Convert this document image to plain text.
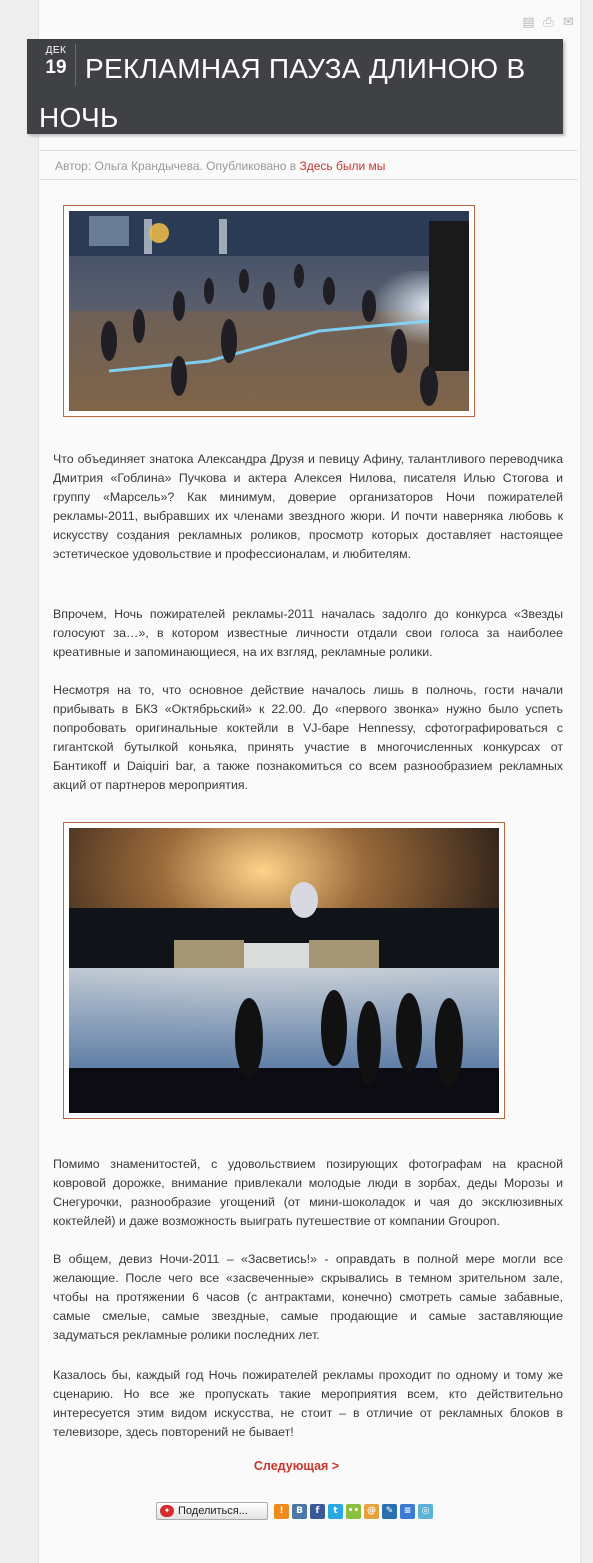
▤ ⎙ ✉
ДЕК
19 РЕКЛАМНАЯ ПАУЗА ДЛИНОЮ В НОЧЬ
Автор: Ольга Крандычева. Опубликовано в Здесь были мы

Что объединяет знатока Александра Друзя и певицу Афину, талантливого переводчика Дмитрия «Гоблина» Пучкова и актера Алексея Нилова, писателя Илью Стогова и группу «Марсель»? Как минимум, доверие организаторов Ночи пожирателей рекламы-2011, выбравших их членами звездного жюри. И почти наверняка любовь к искусству создания рекламных роликов, просмотр которых доставляет настоящее эстетическое удовольствие и профессионалам, и любителям.

Впрочем, Ночь пожирателей рекламы-2011 началась задолго до конкурса «Звезды голосуют за…», в котором известные личности отдали свои голоса за наиболее креативные и запоминающиеся, на их взгляд, рекламные ролики.

Несмотря на то, что основное действие началось лишь в полночь, гости начали прибывать в БКЗ «Октябрьский» к 22.00. До «первого звонка» нужно было успеть попробовать оригинальные коктейли в VJ-баре Hennessy, сфотографироваться с гигантской бутылкой коньяка, принять участие в многочисленных конкурсах от Бантикoff и Daiquiri bar, а также познакомиться со всем разнообразием рекламных акций от партнеров мероприятия.

Помимо знаменитостей, с удовольствием позирующих фотографам на красной ковровой дорожке, внимание привлекали молодые люди в зорбах, деды Морозы и Снегурочки, разнообразие угощений (от мини-шоколадок и чая до эксклюзивных коктейлей) и даже возможность выиграть путешествие от компании Groupon.

В общем, девиз Ночи-2011 – «Засветись!» - оправдать в полной мере могли все желающие. После чего все «засвеченные» скрывались в темном зрительном зале, чтобы на протяжении 6 часов (с антрактами, конечно) смотреть самые забавные, самые смелые, самые звездные, самые продающие и самые заставляющие задуматься рекламные ролики последних лет.

Казалось бы, каждый год Ночь пожирателей рекламы проходит по одному и тому же сценарию. Но все же пропускать такие мероприятия всем, кто действительно интересуется этим видом искусства, не стоит – в отличие от рекламных блоков в телевизоре, здесь повторений не бывает!

Следующая >
✦ Поделиться...	!	B	f	t	•• @	✎	≡	◎
